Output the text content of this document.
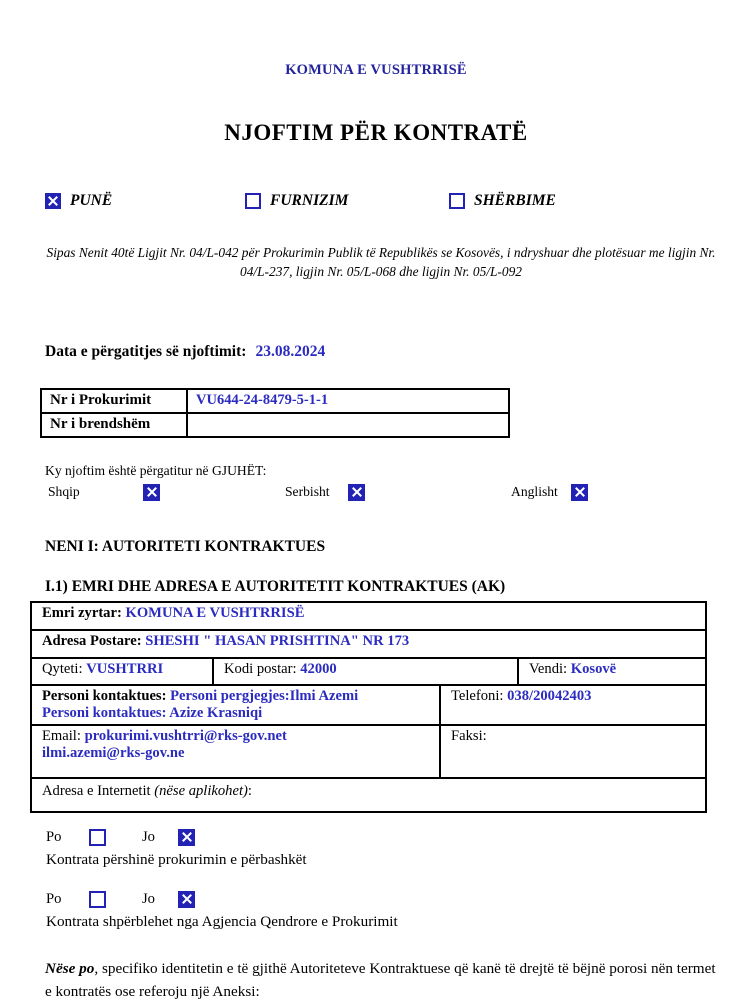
KOMUNA E VUSHTRRISË
NJOFTIM PËR KONTRATË
PUNË	FURNIZIM	SHËRBIME

Sipas Nenit 40të Ligjit Nr. 04/L-042 për Prokurimin Publik të Republikës se Kosovës, i ndryshuar dhe plotësuar me ligjin Nr. 04/L-237, ligjin Nr. 05/L-068 dhe ligjin Nr. 05/L-092

Data e përgatitjes së njoftimit: 23.08.2024
Nr i Prokurimit	VU644-24-8479-5-1-1
Nr i brendshëm	
Ky njoftim është përgatitur në GJUHËT:
Shqip	Serbisht	Anglisht
NENI I: AUTORITETI KONTRAKTUES
I.1) EMRI DHE ADRESA E AUTORITETIT KONTRAKTUES (AK)
Emri zyrtar: KOMUNA E VUSHTRRISË
Adresa Postare: SHESHI " HASAN PRISHTINA" NR 173
Qyteti: VUSHTRRI	Kodi postar: 42000	Vendi: Kosovë
Personi kontaktues: Personi pergjegjes:Ilmi Azemi
Personi kontaktues: Azize Krasniqi
Telefoni: 038/20042403
Email: prokurimi.vushtrri@rks-gov.net
ilmi.azemi@rks-gov.ne
Faksi:
Adresa e Internetit (nëse aplikohet):
Po	Jo
Kontrata përshinë prokurimin e përbashkët
Po	Jo
Kontrata shpërblehet nga Agjencia Qendrore e Prokurimit
Nëse po, specifiko identitetin e të gjithë Autoriteteve Kontraktuese që kanë të drejtë të bëjnë porosi nën termet e kontratës ose referoju një Aneksi:
